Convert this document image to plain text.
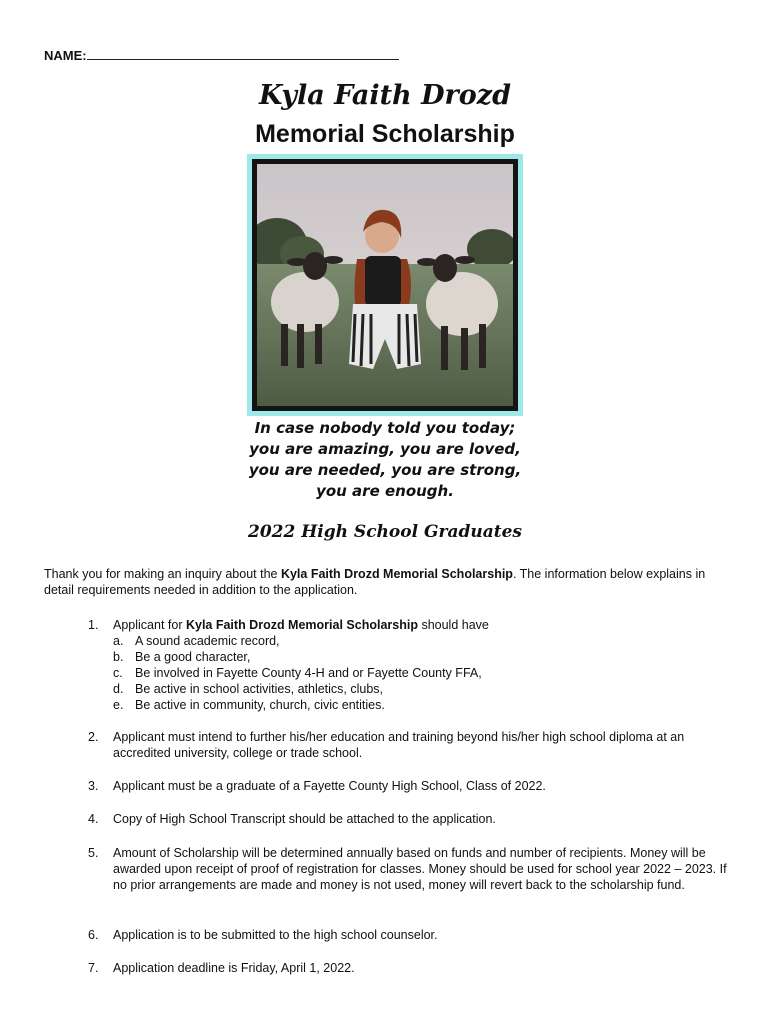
NAME:
Kyla Faith Drozd
Memorial Scholarship
In case nobody told you today;
you are amazing, you are loved,
you are needed, you are strong,
you are enough.
2022 High School Graduates
Thank you for making an inquiry about the Kyla Faith Drozd Memorial Scholarship. The information below explains in detail requirements needed in addition to the application.
1.	Applicant for Kyla Faith Drozd Memorial Scholarship should have
a. A sound academic record,
b. Be a good character,
c. Be involved in Fayette County 4-H and or Fayette County FFA,
d. Be active in school activities, athletics, clubs,
e. Be active in community, church, civic entities.
2.	Applicant must intend to further his/her education and training beyond his/her high school diploma at an accredited university, college or trade school.
3.	Applicant must be a graduate of a Fayette County High School, Class of 2022.
4.	Copy of High School Transcript should be attached to the application.
5.	Amount of Scholarship will be determined annually based on funds and number of recipients. Money will be awarded upon receipt of proof of registration for classes. Money should be used for school year 2022 – 2023. If no prior arrangements are made and money is not used, money will revert back to the scholarship fund.
6.	Application is to be submitted to the high school counselor.
7.	Application deadline is Friday, April 1, 2022.
